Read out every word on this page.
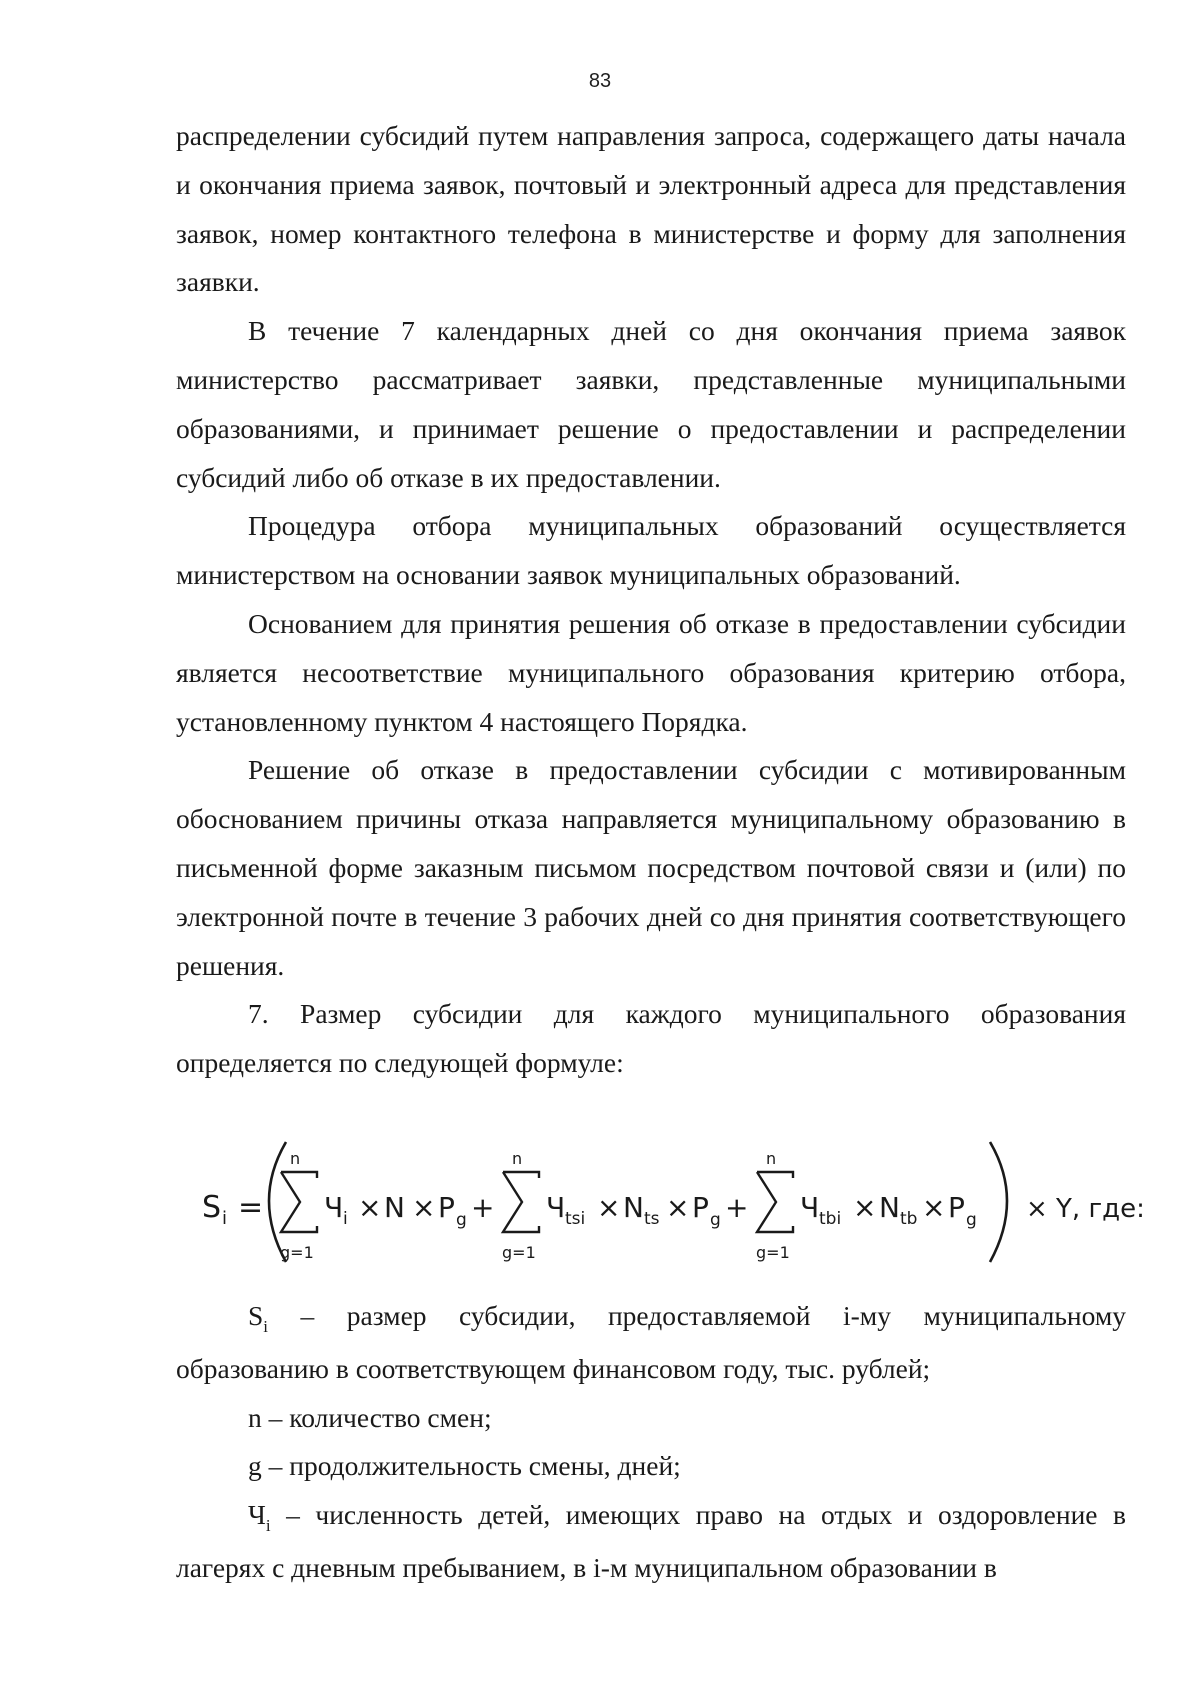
83

распределении субсидий путем направления запроса, содержащего даты начала и окончания приема заявок, почтовый и электронный адреса для представления заявок, номер контактного телефона в министерстве и форму для заполнения заявки.

В течение 7 календарных дней со дня окончания приема заявок министерство рассматривает заявки, представленные муниципальными образованиями, и принимает решение о предоставлении и распределении субсидий либо об отказе в их предоставлении.

Процедура отбора муниципальных образований осуществляется министерством на основании заявок муниципальных образований.

Основанием для принятия решения об отказе в предоставлении субсидии является несоответствие муниципального образования критерию отбора, установленному пунктом 4 настоящего Порядка.

Решение об отказе в предоставлении субсидии с мотивированным обоснованием причины отказа направляется муниципальному образованию в письменной форме заказным письмом посредством почтовой связи и (или) по электронной почте в течение 3 рабочих дней со дня принятия соответствующего решения.

7. Размер субсидии для каждого муниципального образования определяется по следующей формуле:

S i =
n
g=1
Ч i × N × P g +
n
g=1
Ч tsi × N ts × P g +
n
g=1
Ч tbi × N tb × P g × Y, где:

$S_i$ – размер субсидии, предоставляемой i-му муниципальному образованию в соответствующем финансовом году, тыс. рублей;

n – количество смен;

g – продолжительность смены, дней;

$Ч_i$ – численность детей, имеющих право на отдых и оздоровление в лагерях с дневным пребыванием, в i-м муниципальном образовании в
